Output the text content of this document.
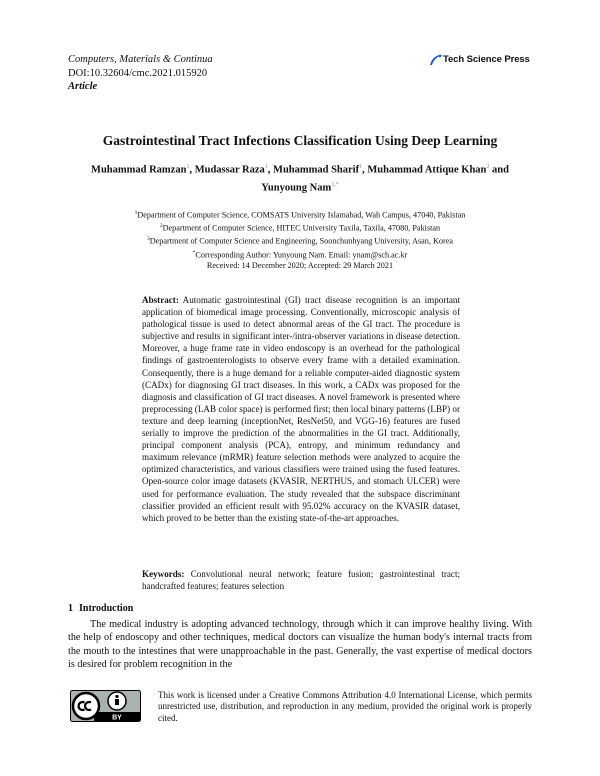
Computers, Materials & Continua
DOI:10.32604/cmc.2021.015920
Article
Tech Science Press
Gastrointestinal Tract Infections Classification Using Deep Learning
Muhammad Ramzan$^1$, Mudassar Raza$^1$, Muhammad Sharif$^1$, Muhammad Attique Khan$^2$ and
Yunyoung Nam$^{3,*}$
$^1$Department of Computer Science, COMSATS University Islamabad, Wah Campus, 47040, Pakistan
$^2$Department of Computer Science, HITEC University Taxila, Taxila, 47080, Pakistan
$^3$Department of Computer Science and Engineering, Soonchunhyang University, Asan, Korea
*Corresponding Author: Yunyoung Nam. Email: ynam@sch.ac.kr
Received: 14 December 2020; Accepted: 29 March 2021
Abstract: Automatic gastrointestinal (GI) tract disease recognition is an important application of biomedical image processing. Conventionally, microscopic analysis of pathological tissue is used to detect abnormal areas of the GI tract. The procedure is subjective and results in significant inter-/intra-observer variations in disease detection. Moreover, a huge frame rate in video endoscopy is an overhead for the pathological findings of gastroenterologists to observe every frame with a detailed examination. Consequently, there is a huge demand for a reliable computer-aided diagnostic system (CADx) for diagnosing GI tract diseases. In this work, a CADx was proposed for the diagnosis and classification of GI tract diseases. A novel framework is presented where preprocessing (LAB color space) is performed first; then local binary patterns (LBP) or texture and deep learning (inceptionNet, ResNet50, and VGG-16) features are fused serially to improve the prediction of the abnormalities in the GI tract. Additionally, principal component analysis (PCA), entropy, and minimum redundancy and maximum relevance (mRMR) feature selection methods were analyzed to acquire the optimized characteristics, and various classifiers were trained using the fused features. Open-source color image datasets (KVASIR, NERTHUS, and stomach ULCER) were used for performance evaluation. The study revealed that the subspace discriminant classifier provided an efficient result with 95.02% accuracy on the KVASIR dataset, which proved to be better than the existing state-of-the-art approaches.
Keywords: Convolutional neural network; feature fusion; gastrointestinal tract; handcrafted features; features selection
1 Introduction
The medical industry is adopting advanced technology, through which it can improve healthy living. With the help of endoscopy and other techniques, medical doctors can visualize the human body's internal tracts from the mouth to the intestines that were unapproachable in the past. Generally, the vast expertise of medical doctors is desired for problem recognition in the
BY
This work is licensed under a Creative Commons Attribution 4.0 International License, which permits unrestricted use, distribution, and reproduction in any medium, provided the original work is properly cited.
